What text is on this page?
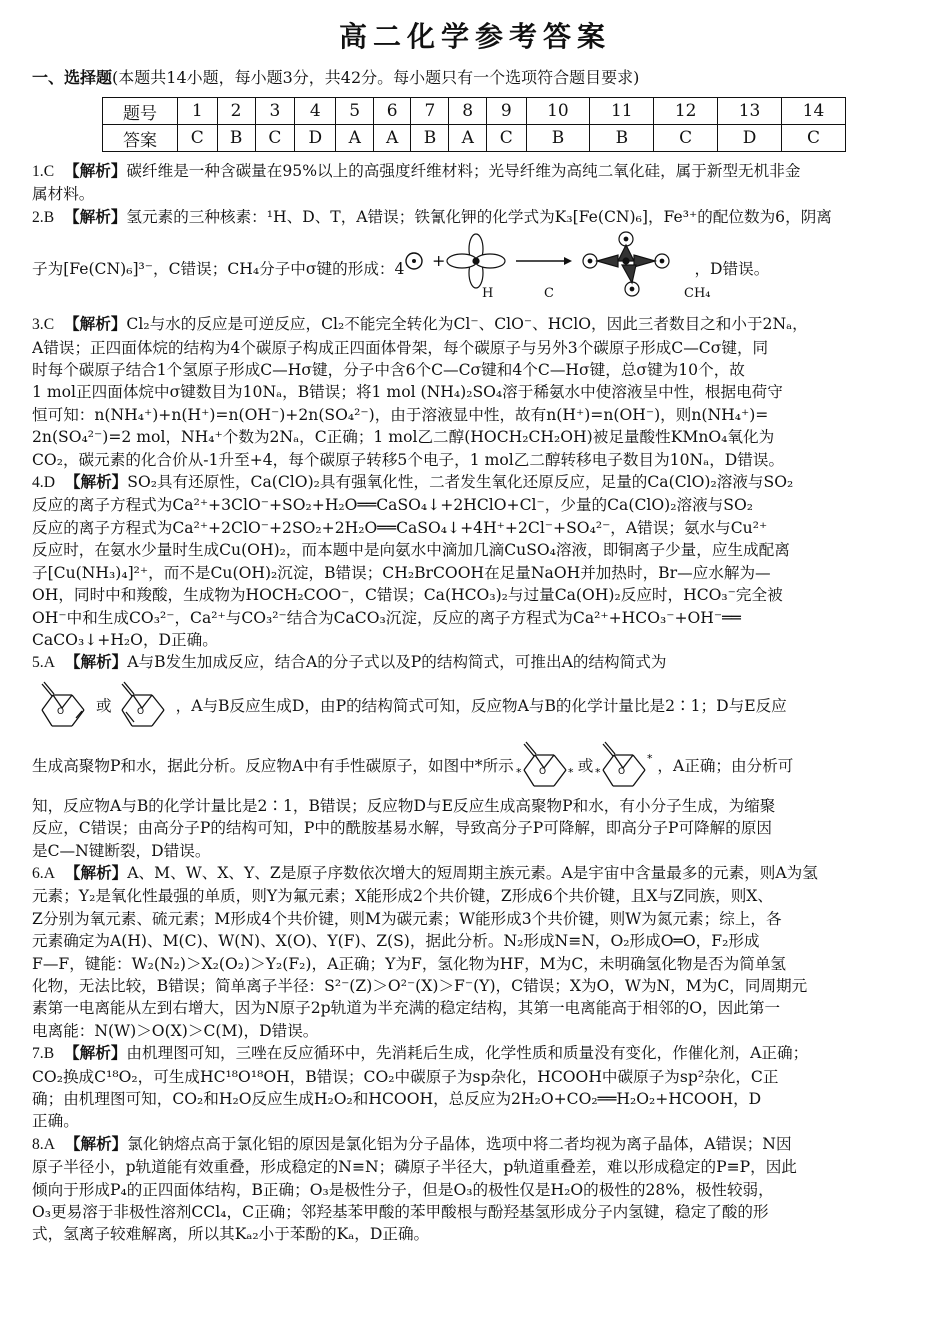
高二化学参考答案
一、选择题(本题共14小题，每小题3分，共42分。每小题只有一个选项符合题目要求)
题号	1	2	3	4	5	6	7	8	9	10	11	12	13	14
答案	C	B	C	D	A	A	B	A	C	B	B	C	D	C
1.C 【解析】碳纤维是一种含碳量在95%以上的高强度纤维材料；光导纤维为高纯二氧化硅，属于新型无机非金
属材料。
2.B 【解析】氢元素的三种核素：¹H、D、T，A错误；铁氰化钾的化学式为K₃[Fe(CN)₆]，Fe³⁺的配位数为6，阴离
子为[Fe(CN)₆]³⁻，C错误；CH₄分子中σ键的形成：4 +	，D错误。
H	C	CH₄
3.C 【解析】Cl₂与水的反应是可逆反应，Cl₂不能完全转化为Cl⁻、ClO⁻、HClO，因此三者数目之和小于2Nₐ，
A错误；正四面体烷的结构为4个碳原子构成正四面体骨架，每个碳原子与另外3个碳原子形成C—Cσ键，同
时每个碳原子结合1个氢原子形成C—Hσ键，分子中含6个C—Cσ键和4个C—Hσ键，总σ键为10个，故
1 mol正四面体烷中σ键数目为10Nₐ，B错误；将1 mol (NH₄)₂SO₄溶于稀氨水中使溶液呈中性，根据电荷守
恒可知：n(NH₄⁺)+n(H⁺)=n(OH⁻)+2n(SO₄²⁻)，由于溶液显中性，故有n(H⁺)=n(OH⁻)，则n(NH₄⁺)=
2n(SO₄²⁻)=2 mol，NH₄⁺个数为2Nₐ，C正确；1 mol乙二醇(HOCH₂CH₂OH)被足量酸性KMnO₄氧化为
CO₂，碳元素的化合价从-1升至+4，每个碳原子转移5个电子，1 mol乙二醇转移电子数目为10Nₐ，D错误。
4.D 【解析】SO₂具有还原性，Ca(ClO)₂具有强氧化性，二者发生氧化还原反应，足量的Ca(ClO)₂溶液与SO₂
反应的离子方程式为Ca²⁺+3ClO⁻+SO₂+H₂O══CaSO₄↓+2HClO+Cl⁻，少量的Ca(ClO)₂溶液与SO₂
反应的离子方程式为Ca²⁺+2ClO⁻+2SO₂+2H₂O══CaSO₄↓+4H⁺+2Cl⁻+SO₄²⁻，A错误；氨水与Cu²⁺
反应时，在氨水少量时生成Cu(OH)₂，而本题中是向氨水中滴加几滴CuSO₄溶液，即铜离子少量，应生成配离
子[Cu(NH₃)₄]²⁺，而不是Cu(OH)₂沉淀，B错误；CH₂BrCOOH在足量NaOH并加热时，Br—应水解为—
OH，同时中和羧酸，生成物为HOCH₂COO⁻，C错误；Ca(HCO₃)₂与过量Ca(OH)₂反应时，HCO₃⁻完全被
OH⁻中和生成CO₃²⁻，Ca²⁺与CO₃²⁻结合为CaCO₃沉淀，反应的离子方程式为Ca²⁺+HCO₃⁻+OH⁻══
CaCO₃↓+H₂O，D正确。
5.A 【解析】A与B发生加成反应，结合A的分子式以及P的结构简式，可推出A的结构简式为
O 或	O ，A与B反应生成D，由P的结构简式可知，反应物A与B的化学计量比是2∶1；D与E反应
生成高聚物P和水，据此分析。反应物A中有手性碳原子，如图中*所示	O
*	* 或	O
*
* ，A正确；由分析可
知，反应物A与B的化学计量比是2∶1，B错误；反应物D与E反应生成高聚物P和水，有小分子生成，为缩聚
反应，C错误；由高分子P的结构可知，P中的酰胺基易水解，导致高分子P可降解，即高分子P可降解的原因
是C—N键断裂，D错误。
6.A 【解析】A、M、W、X、Y、Z是原子序数依次增大的短周期主族元素。A是宇宙中含量最多的元素，则A为氢
元素；Y₂是氧化性最强的单质，则Y为氟元素；X能形成2个共价键，Z形成6个共价键，且X与Z同族，则X、
Z分别为氧元素、硫元素；M形成4个共价键，则M为碳元素；W能形成3个共价键，则W为氮元素；综上，各
元素确定为A(H)、M(C)、W(N)、X(O)、Y(F)、Z(S)，据此分析。N₂形成N≡N，O₂形成O═O，F₂形成
F—F，键能：W₂(N₂)＞X₂(O₂)＞Y₂(F₂)，A正确；Y为F，氢化物为HF，M为C，未明确氢化物是否为简单氢
化物，无法比较，B错误；简单离子半径：S²⁻(Z)＞O²⁻(X)＞F⁻(Y)，C错误；X为O，W为N，M为C，同周期元
素第一电离能从左到右增大，因为N原子2p轨道为半充满的稳定结构，其第一电离能高于相邻的O，因此第一
电离能：N(W)＞O(X)＞C(M)，D错误。
7.B 【解析】由机理图可知，三唑在反应循环中，先消耗后生成，化学性质和质量没有变化，作催化剂，A正确；
CO₂换成C¹⁸O₂，可生成HC¹⁸O¹⁸OH，B错误；CO₂中碳原子为sp杂化，HCOOH中碳原子为sp²杂化，C正
确；由机理图可知，CO₂和H₂O反应生成H₂O₂和HCOOH，总反应为2H₂O+CO₂══H₂O₂+HCOOH，D
正确。
8.A 【解析】氯化钠熔点高于氯化铝的原因是氯化铝为分子晶体，选项中将二者均视为离子晶体，A错误；N因
原子半径小，p轨道能有效重叠，形成稳定的N≡N；磷原子半径大，p轨道重叠差，难以形成稳定的P≡P，因此
倾向于形成P₄的正四面体结构，B正确；O₃是极性分子，但是O₃的极性仅是H₂O的极性的28%，极性较弱，
O₃更易溶于非极性溶剂CCl₄，C正确；邻羟基苯甲酸的苯甲酸根与酚羟基氢形成分子内氢键，稳定了酸的形
式，氢离子较难解离，所以其Kₐ₂小于苯酚的Kₐ，D正确。
